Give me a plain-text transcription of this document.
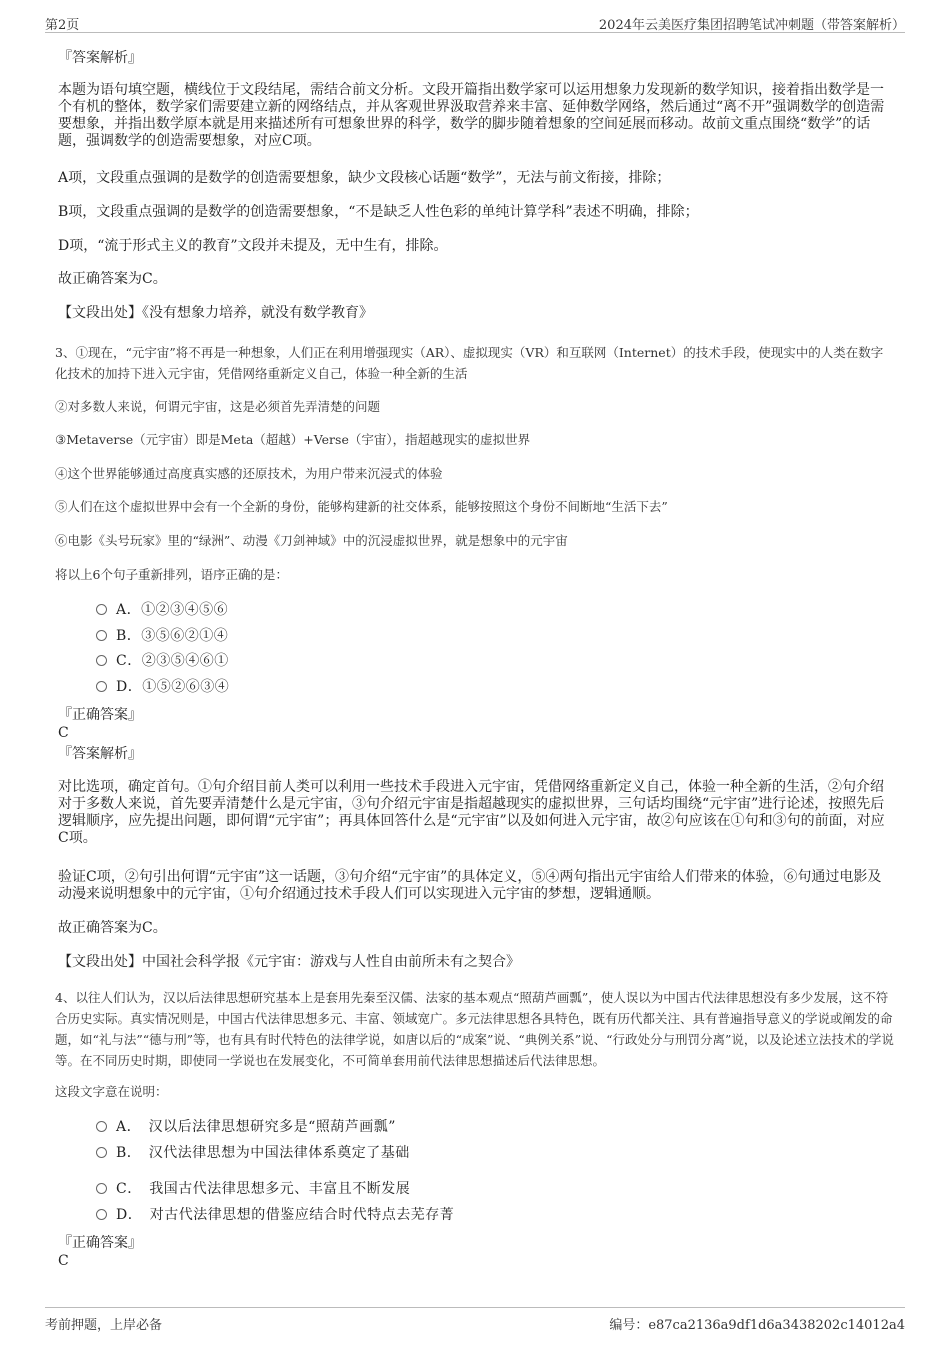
第2页	2024年云美医疗集团招聘笔试冲刺题（带答案解析）
『答案解析』
本题为语句填空题，横线位于文段结尾，需结合前文分析。文段开篇指出数学家可以运用想象力发现新的数学知识，接着指出数学是一个有机的整体，数学家们需要建立新的网络结点，并从客观世界汲取营养来丰富、延伸数学网络，然后通过“离不开”强调数学的创造需要想象，并指出数学原本就是用来描述所有可想象世界的科学，数学的脚步随着想象的空间延展而移动。故前文重点围绕“数学”的话题，强调数学的创造需要想象，对应C项。
A项，文段重点强调的是数学的创造需要想象，缺少文段核心话题“数学”，无法与前文衔接，排除；
B项，文段重点强调的是数学的创造需要想象，“不是缺乏人性色彩的单纯计算学科”表述不明确，排除；
D项，“流于形式主义的教育”文段并未提及，无中生有，排除。
故正确答案为C。
【文段出处】《没有想象力培养，就没有数学教育》
3、①现在，“元宇宙”将不再是一种想象，人们正在利用增强现实（AR）、虚拟现实（VR）和互联网（Internet）的技术手段，使现实中的人类在数字化技术的加持下进入元宇宙，凭借网络重新定义自己，体验一种全新的生活
②对多数人来说，何谓元宇宙，这是必须首先弄清楚的问题
③Metaverse（元宇宙）即是Meta（超越）+Verse（宇宙），指超越现实的虚拟世界
④这个世界能够通过高度真实感的还原技术，为用户带来沉浸式的体验
⑤人们在这个虚拟世界中会有一个全新的身份，能够构建新的社交体系，能够按照这个身份不间断地“生活下去”
⑥电影《头号玩家》里的“绿洲”、动漫《刀剑神域》中的沉浸虚拟世界，就是想象中的元宇宙
将以上6个句子重新排列，语序正确的是：
A．①②③④⑤⑥
B．③⑤⑥②①④
C．②③⑤④⑥①
D．①⑤②⑥③④
『正确答案』
C
『答案解析』
对比选项，确定首句。①句介绍目前人类可以利用一些技术手段进入元宇宙，凭借网络重新定义自己，体验一种全新的生活，②句介绍对于多数人来说，首先要弄清楚什么是元宇宙，③句介绍元宇宙是指超越现实的虚拟世界，三句话均围绕“元宇宙”进行论述，按照先后逻辑顺序，应先提出问题，即何谓“元宇宙”；再具体回答什么是“元宇宙”以及如何进入元宇宙，故②句应该在①句和③句的前面，对应C项。
验证C项，②句引出何谓“元宇宙”这一话题，③句介绍“元宇宙”的具体定义，⑤④两句指出元宇宙给人们带来的体验，⑥句通过电影及动漫来说明想象中的元宇宙，①句介绍通过技术手段人们可以实现进入元宇宙的梦想，逻辑通顺。
故正确答案为C。
【文段出处】中国社会科学报《元宇宙：游戏与人性自由前所未有之契合》
4、以往人们认为，汉以后法律思想研究基本上是套用先秦至汉儒、法家的基本观点“照葫芦画瓢”，使人误以为中国古代法律思想没有多少发展，这不符合历史实际。真实情况则是，中国古代法律思想多元、丰富、领域宽广。多元法律思想各具特色，既有历代都关注、具有普遍指导意义的学说或阐发的命题，如“礼与法”“德与刑”等，也有具有时代特色的法律学说，如唐以后的“成案”说、“典例关系”说、“行政处分与刑罚分离”说，以及论述立法技术的学说等。在不同历史时期，即使同一学说也在发展变化，不可简单套用前代法律思想描述后代法律思想。
这段文字意在说明：
A．　汉以后法律思想研究多是“照葫芦画瓢”
B．　汉代法律思想为中国法律体系奠定了基础
C．　我国古代法律思想多元、丰富且不断发展
D．　对古代法律思想的借鉴应结合时代特点去芜存菁
『正确答案』
C
考前押题，上岸必备	编号：e87ca2136a9df1d6a3438202c14012a4
